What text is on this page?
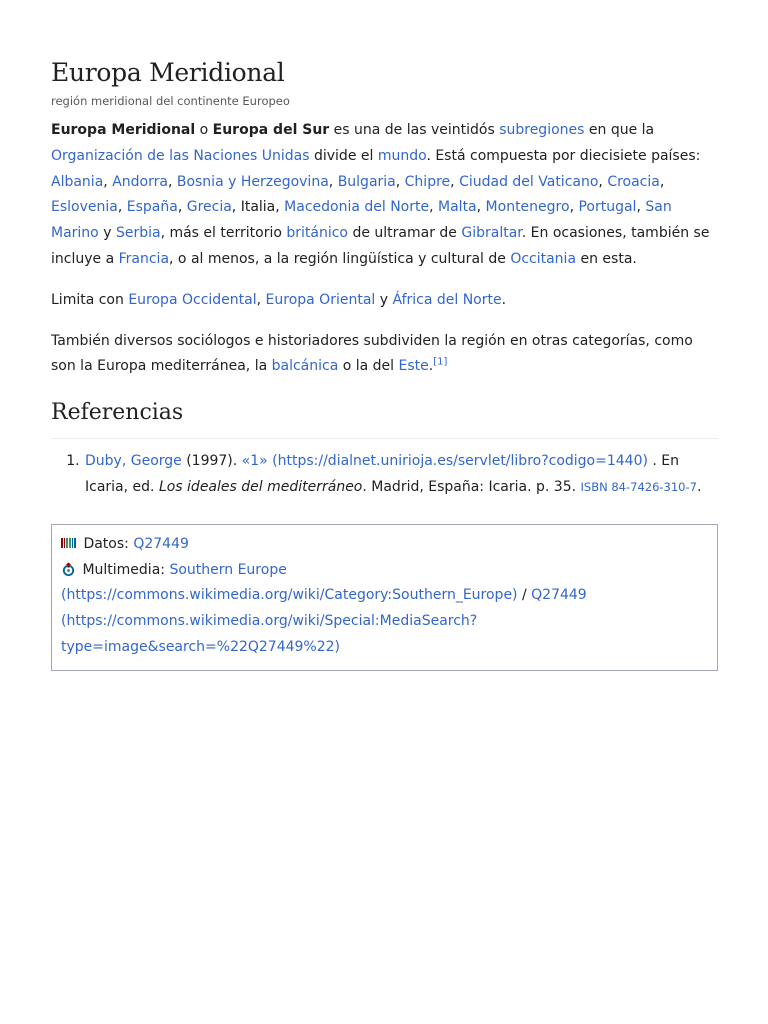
Europa Meridional
región meridional del continente Europeo

Europa Meridional o Europa del Sur es una de las veintidós subregiones en que la Organización de las Naciones Unidas divide el mundo. Está compuesta por diecisiete países: Albania, Andorra, Bosnia y Herzegovina, Bulgaria, Chipre, Ciudad del Vaticano, Croacia, Eslovenia, España, Grecia, Italia, Macedonia del Norte, Malta, Montenegro, Portugal, San Marino y Serbia, más el territorio británico de ultramar de Gibraltar. En ocasiones, también se incluye a Francia, o al menos, a la región lingüística y cultural de Occitania en esta.

Limita con Europa Occidental, Europa Oriental y África del Norte.

También diversos sociólogos e historiadores subdividen la región en otras categorías, como son la Europa mediterránea, la balcánica o la del Este.[1]

Referencias
1. Duby, George (1997). «1» (https://dialnet.unirioja.es/servlet/libro?codigo=1440) . En Icaria, ed. Los ideales del mediterráneo. Madrid, España: Icaria. p. 35. ISBN 84-7426-310-7.
Datos: Q27449
Multimedia: Southern Europe (https://commons.wikimedia.org/wiki/Category:Southern_Europe) / Q27449 (https://commons.wikimedia.org/wiki/Special:MediaSearch?type=image&search=%22Q27449%22)
